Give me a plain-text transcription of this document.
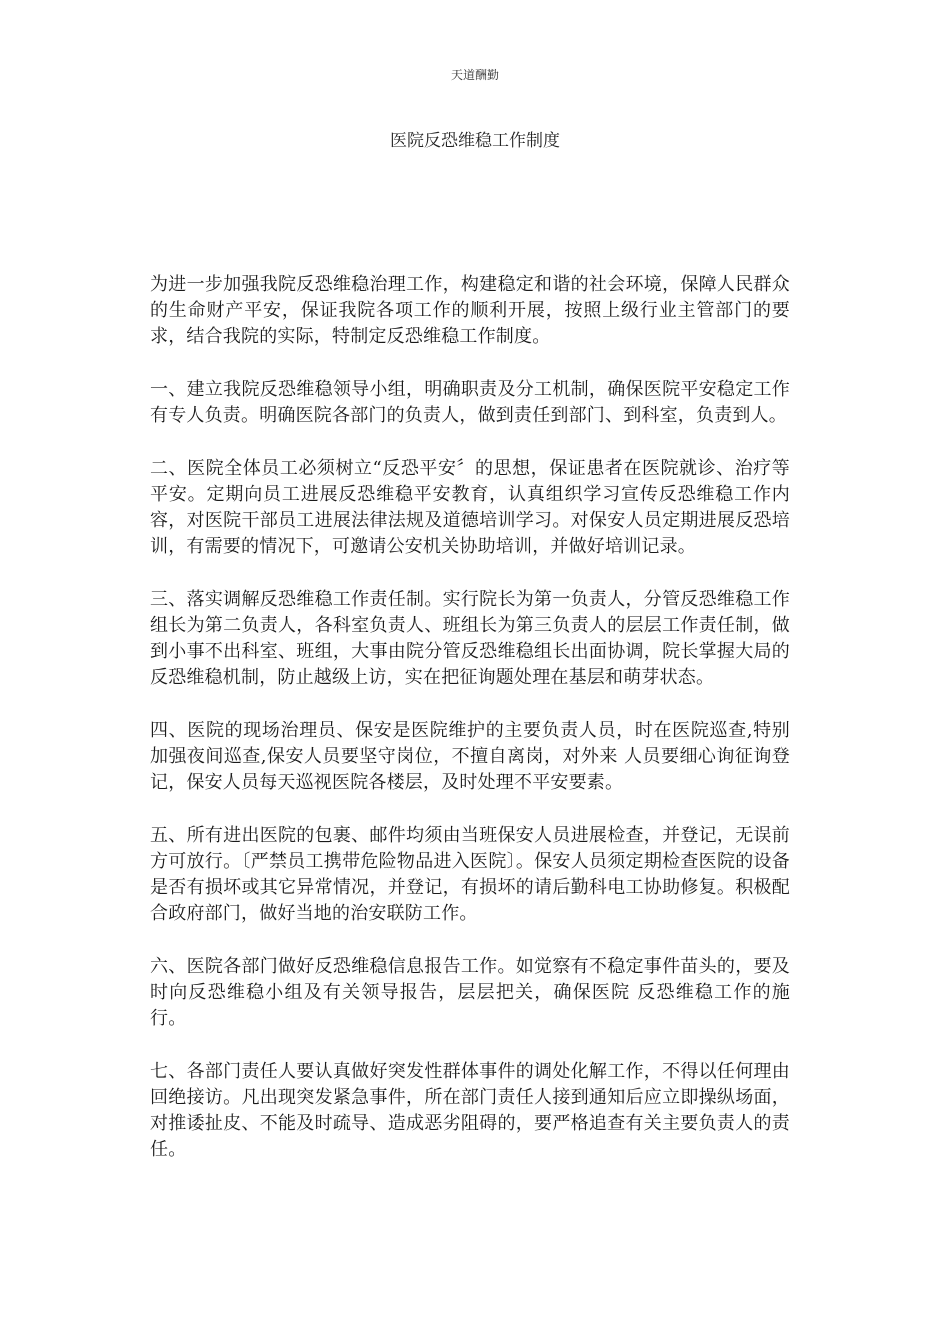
天道酬勤
医院反恐维稳工作制度

为进一步加强我院反恐维稳治理工作，构建稳定和谐的社会环境，保障人民群众的生命财产平安，保证我院各项工作的顺利开展，按照上级行业主管部门的要求，结合我院的实际，特制定反恐维稳工作制度。

一、建立我院反恐维稳领导小组，明确职责及分工机制，确保医院平安稳定工作有专人负责。明确医院各部门的负责人，做到责任到部门、到科室，负责到人。

二、医院全体员工必须树立“反恐平安〞的思想，保证患者在医院就诊、治疗等平安。定期向员工进展反恐维稳平安教育，认真组织学习宣传反恐维稳工作内容，对医院干部员工进展法律法规及道德培训学习。对保安人员定期进展反恐培训，有需要的情况下，可邀请公安机关协助培训，并做好培训记录。

三、落实调解反恐维稳工作责任制。实行院长为第一负责人，分管反恐维稳工作组长为第二负责人，各科室负责人、班组长为第三负责人的层层工作责任制，做到小事不出科室、班组，大事由院分管反恐维稳组长出面协调，院长掌握大局的反恐维稳机制，防止越级上访，实在把征询题处理在基层和萌芽状态。

四、医院的现场治理员、保安是医院维护的主要负责人员，时在医院巡查,特别加强夜间巡查,保安人员要坚守岗位，不擅自离岗，对外来 人员要细心询征询登记，保安人员每天巡视医院各楼层，及时处理不平安要素。

五、所有进出医院的包裹、邮件均须由当班保安人员进展检查，并登记，无误前方可放行。〔严禁员工携带危险物品进入医院〕。保安人员须定期检查医院的设备是否有损坏或其它异常情况，并登记，有损坏的请后勤科电工协助修复。积极配合政府部门，做好当地的治安联防工作。

六、医院各部门做好反恐维稳信息报告工作。如觉察有不稳定事件苗头的，要及时向反恐维稳小组及有关领导报告，层层把关，确保医院 反恐维稳工作的施行。

七、各部门责任人要认真做好突发性群体事件的调处化解工作，不得以任何理由回绝接访。凡出现突发紧急事件，所在部门责任人接到通知后应立即操纵场面，对推诿扯皮、不能及时疏导、造成恶劣阻碍的，要严格追查有关主要负责人的责任。
